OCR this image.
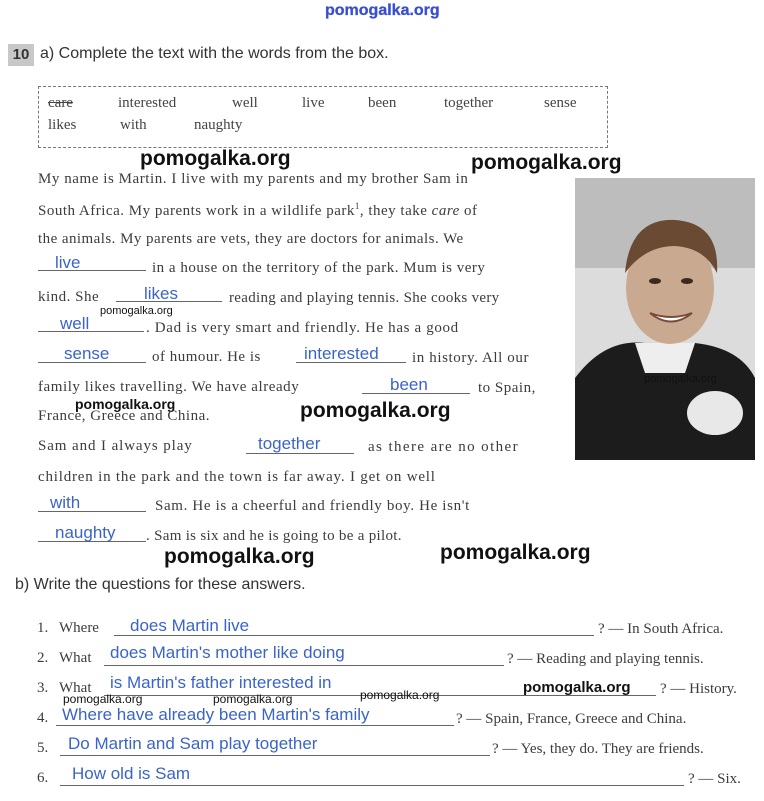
pomogalka.org
10 a) Complete the text with the words from the box.
care	interested	well	live	been	together	sense
likes	with	naughty
pomogalka.org	pomogalka.org
My name is Martin. I live with my parents and my brother Sam in
South Africa. My parents work in a wildlife park$^1$, they take care of
the animals. My parents are vets, they are doctors for animals. We
live	in a house on the territory of the park. Mum is very
kind. She	likes	reading and playing tennis. She cooks very
pomogalka.org
well	. Dad is very smart and friendly. He has a good
sense	of humour. He is	interested in history. All our
family likes travelling. We have already	been	to Spain,
pomogalka.org
France, Greece and China.	pomogalka.org
Sam and I always play	together	as there are no other
children in the park and the town is far away. I get on well
with	Sam. He is a cheerful and friendly boy. He isn't
naughty . Sam is six and he is going to be a pilot.
pomogalka.org
pomogalka.org	pomogalka.org
b) Write the questions for these answers.
1. Where does Martin live	? — In South Africa.
2. What does Martin's mother like doing	? — Reading and playing tennis.
3. What is Martin's father interested in	? — History.
pomogalka.org	pomogalka.org	pomogalka.org	pomogalka.org
4. Where have already been Martin's family	? — Spain, France, Greece and China.
5. Do Martin and Sam play together	? — Yes, they do. They are friends.
6. How old is Sam	? — Six.
